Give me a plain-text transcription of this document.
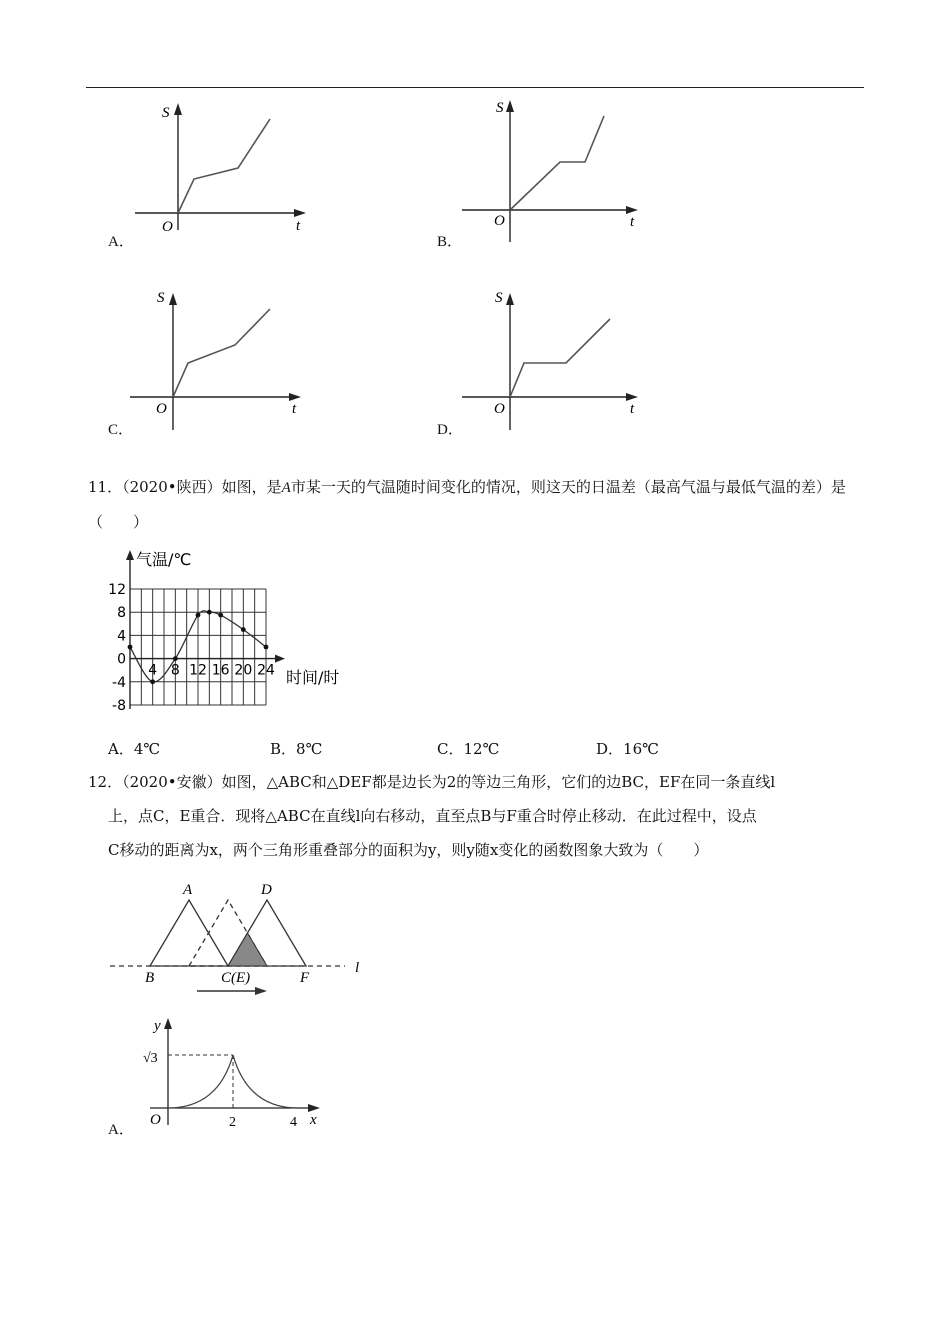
S
t
O
A．
S
t
O
B．
S
t
O
C．
S
t
O
D．
11．（2020•陕西）如图，是A市某一天的气温随时间变化的情况，则这天的日温差（最高气温与最低气温的差）是（　　）
12
8
4
0
-4
-8
4 8 12 16 20 24
气温/℃
时间/时
A．4℃	B．8℃	C．12℃	D．16℃
12．（2020•安徽）如图，△ABC和△DEF都是边长为2的等边三角形，它们的边BC，EF在同一条直线l
上，点C，E重合．现将△ABC在直线l向右移动，直至点B与F重合时停止移动．在此过程中，设点
C移动的距离为x，两个三角形重叠部分的面积为y，则y随x变化的函数图象大致为（　　）
A	D
B	C(E)	F
l
y
x
O
√3
2	4
A．
